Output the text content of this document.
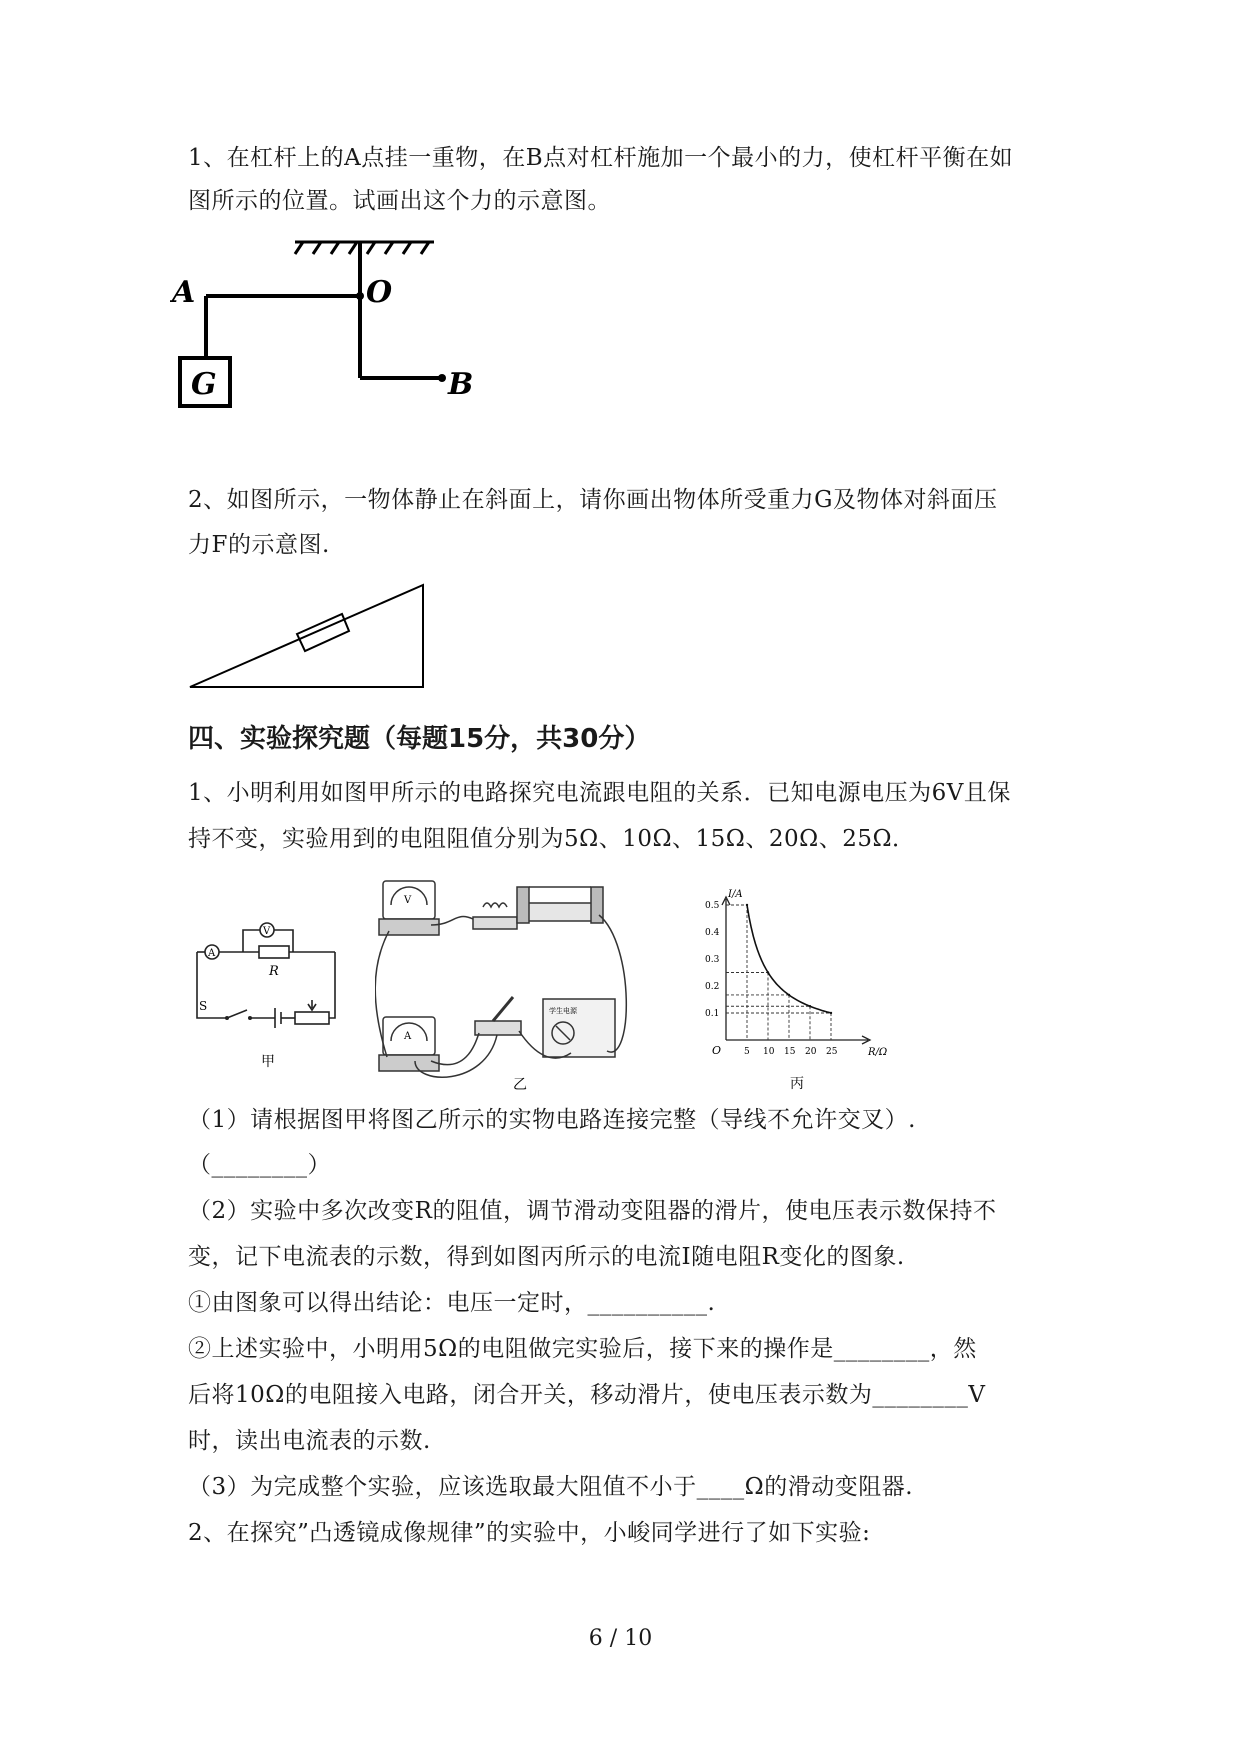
1、在杠杆上的A点挂一重物，在B点对杠杆施加一个最小的力，使杠杆平衡在如
图所示的位置。试画出这个力的示意图。
A	O
B
G
2、如图所示，一物体静止在斜面上，请你画出物体所受重力G及物体对斜面压
力F的示意图.
四、实验探究题（每题15分，共30分）
1、小明利用如图甲所示的电路探究电流跟电阻的关系．已知电源电压为6V且保
持不变，实验用到的电阻阻值分别为5Ω、10Ω、15Ω、20Ω、25Ω．
A
V
R
S
甲
V
A
学生电源
乙
I/A
R/Ω
O
0.1
0.2
0.3
0.4
0.5
5 10 15 20 25
丙
（1）请根据图甲将图乙所示的实物电路连接完整（导线不允许交叉）.
（________）
（2）实验中多次改变R的阻值，调节滑动变阻器的滑片，使电压表示数保持不
变，记下电流表的示数，得到如图丙所示的电流I随电阻R变化的图象.
①由图象可以得出结论：电压一定时，__________.
②上述实验中，小明用5Ω的电阻做完实验后，接下来的操作是________，然
后将10Ω的电阻接入电路，闭合开关，移动滑片，使电压表示数为________V
时，读出电流表的示数.
（3）为完成整个实验，应该选取最大阻值不小于____Ω的滑动变阻器.
2、在探究”凸透镜成像规律”的实验中，小峻同学进行了如下实验:
6 / 10
